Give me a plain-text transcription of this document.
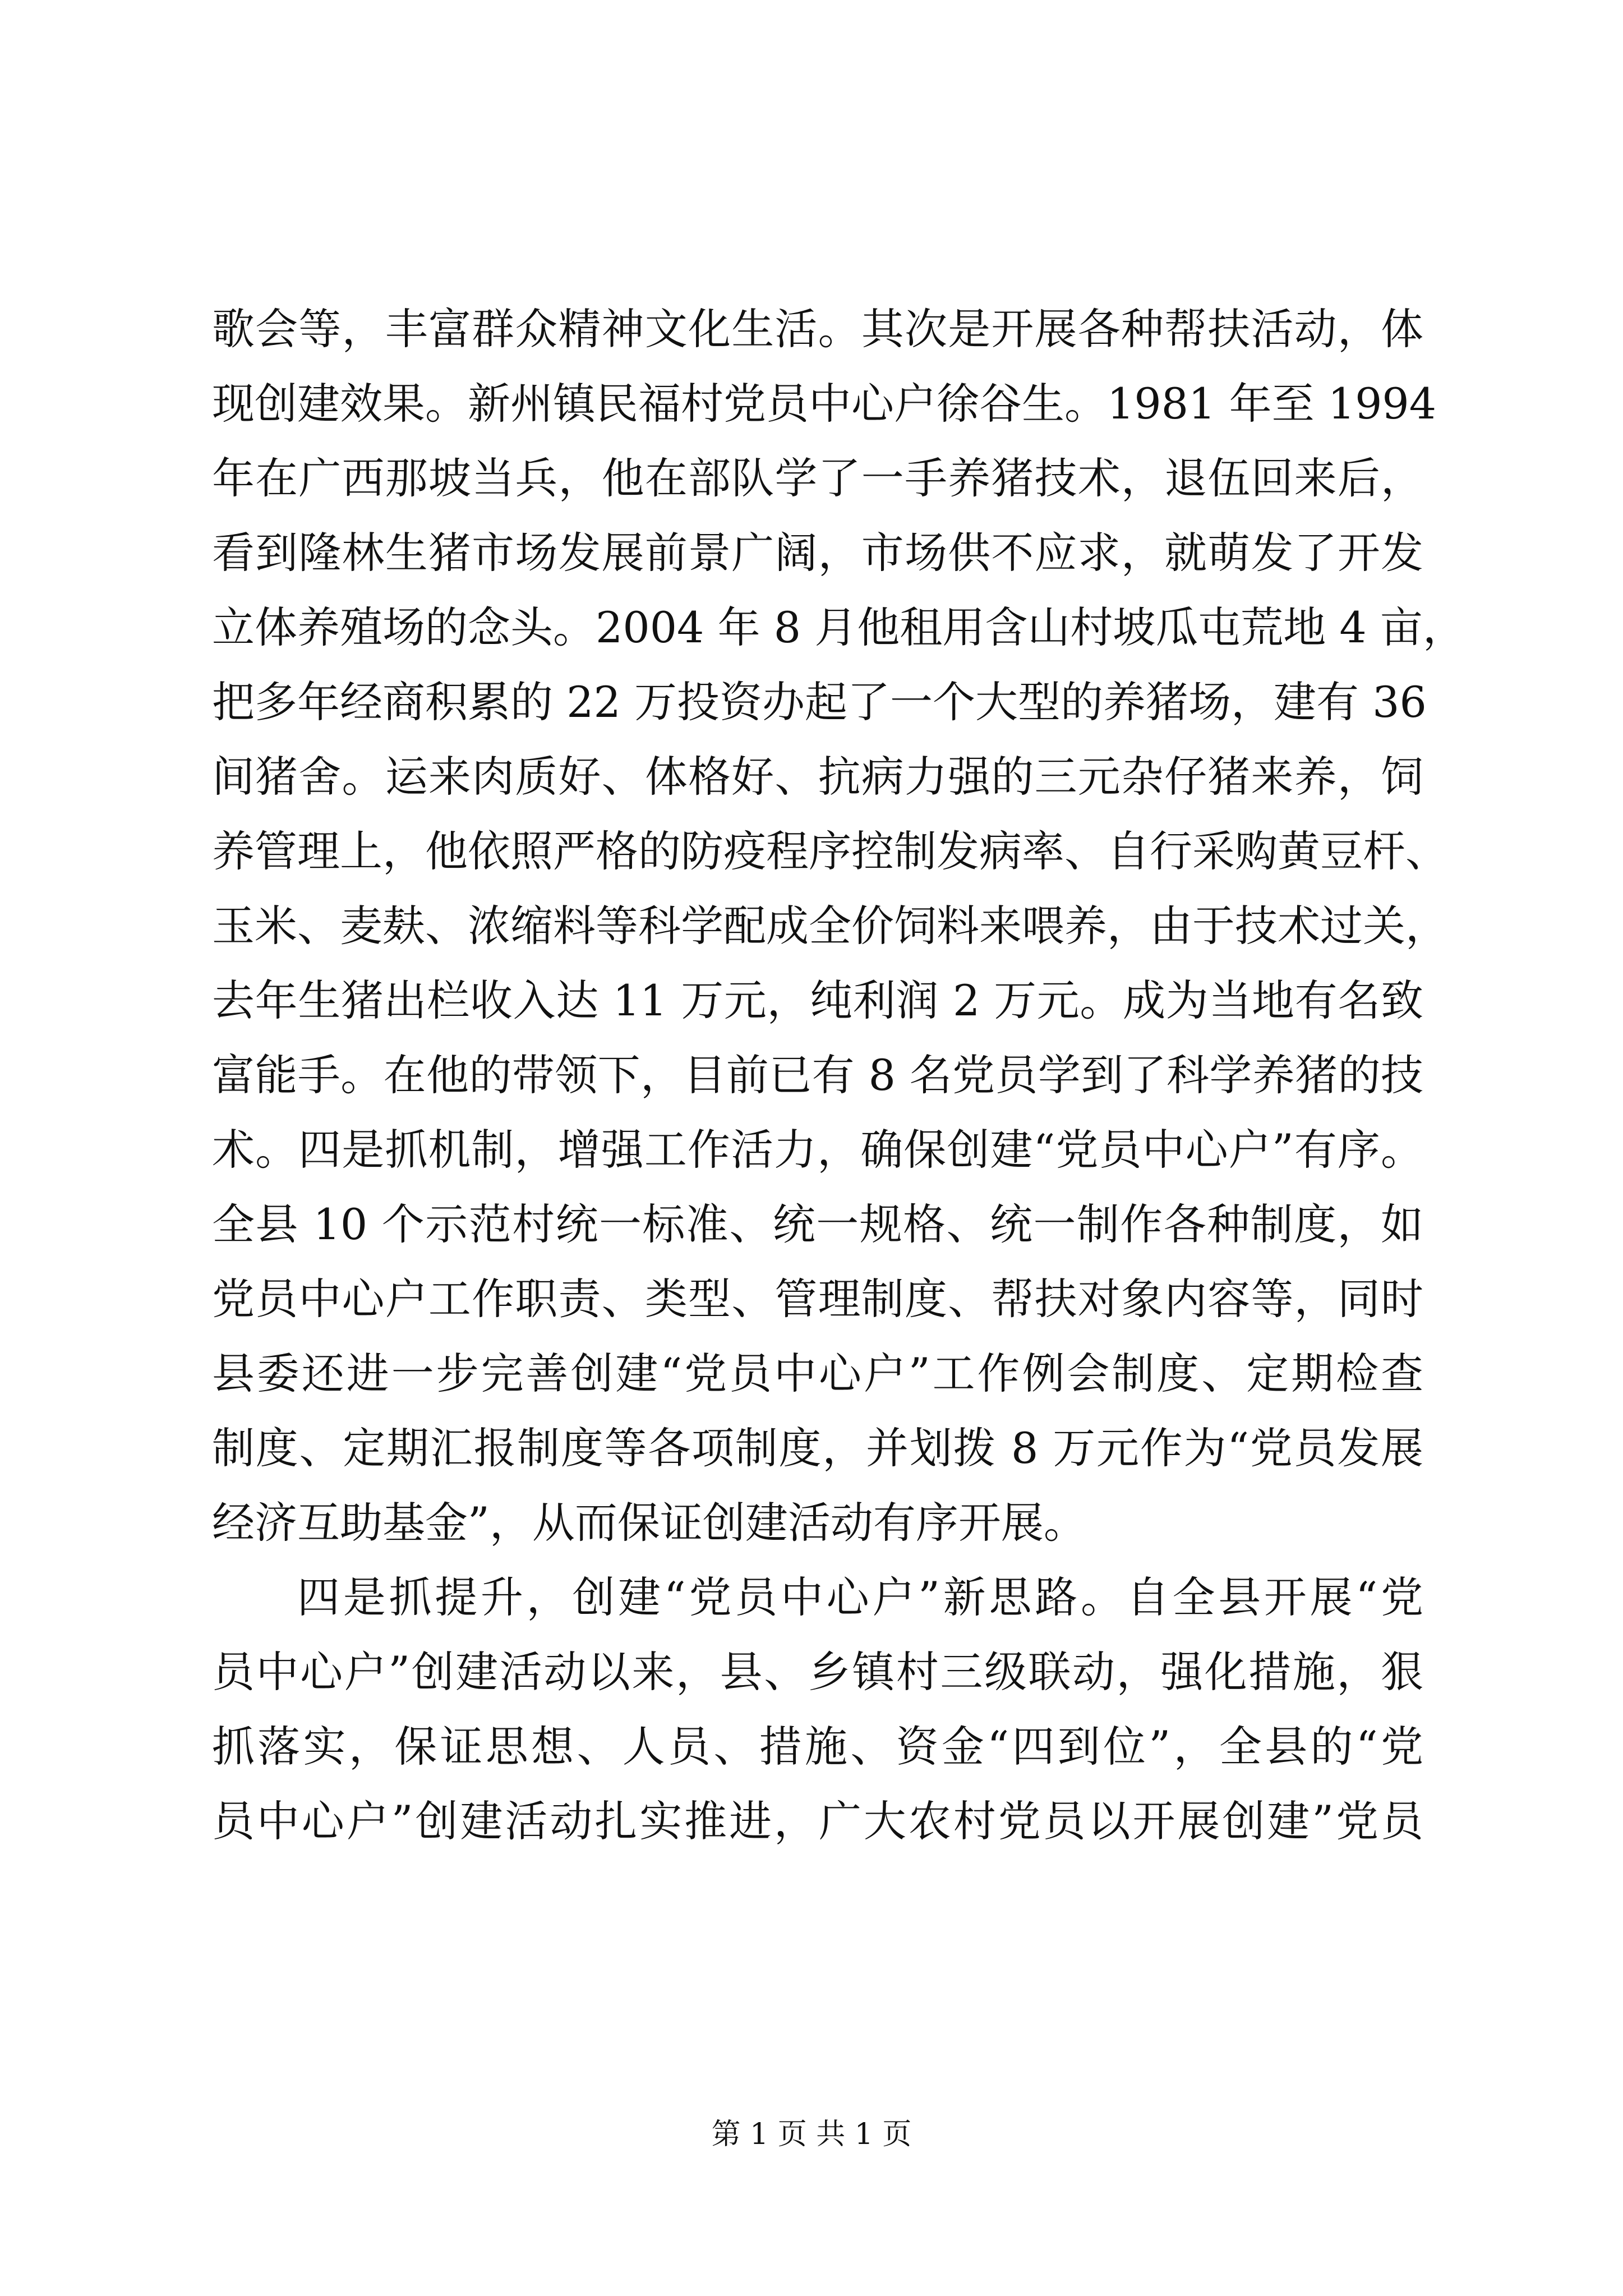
歌会等，丰富群众精神文化生活。其次是开展各种帮扶活动，体
现创建效果。新州镇民福村党员中心户徐谷生。1981 年至 1994
年在广西那坡当兵，他在部队学了一手养猪技术，退伍回来后，
看到隆林生猪市场发展前景广阔，市场供不应求，就萌发了开发
立体养殖场的念头。2004 年 8 月他租用含山村坡瓜屯荒地 4 亩，
把多年经商积累的 22 万投资办起了一个大型的养猪场，建有 36
间猪舍。运来肉质好、体格好、抗病力强的三元杂仔猪来养，饲
养管理上，他依照严格的防疫程序控制发病率、自行采购黄豆杆、
玉米、麦麸、浓缩料等科学配成全价饲料来喂养，由于技术过关，
去年生猪出栏收入达 11 万元，纯利润 2 万元。成为当地有名致
富能手。在他的带领下，目前已有 8 名党员学到了科学养猪的技
术。四是抓机制，增强工作活力，确保创建“党员中心户”有序。
全县 10 个示范村统一标准、统一规格、统一制作各种制度，如
党员中心户工作职责、类型、管理制度、帮扶对象内容等，同时
县委还进一步完善创建“党员中心户”工作例会制度、定期检查
制度、定期汇报制度等各项制度，并划拨 8 万元作为“党员发展
经济互助基金”，从而保证创建活动有序开展。
四是抓提升，创建“党员中心户”新思路。自全县开展“党
员中心户”创建活动以来，县、乡镇村三级联动，强化措施，狠
抓落实，保证思想、人员、措施、资金“四到位”，全县的“党
员中心户”创建活动扎实推进，广大农村党员以开展创建”党员
第 1 页 共 1 页
